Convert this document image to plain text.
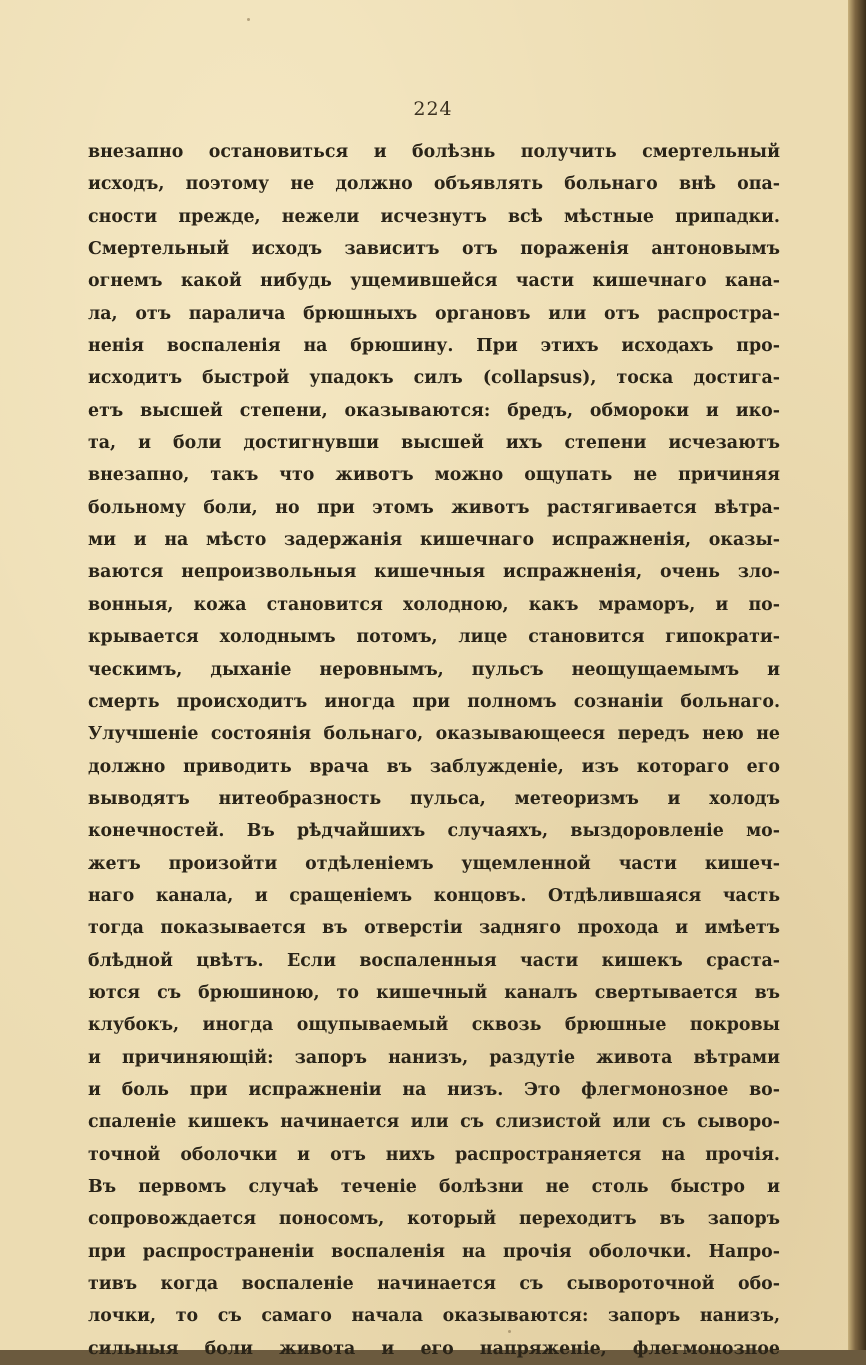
224
внезапно остановиться и болѣзнь получить смертельный
исходъ, поэтому не должно объявлять больнаго внѣ опа-
сности прежде, нежели исчезнутъ всѣ мѣстные припадки.
Смертельный исходъ зависитъ отъ пораженія антоновымъ
огнемъ какой нибудь ущемившейся части кишечнаго кана-
ла, отъ паралича брюшныхъ органовъ или отъ распростра-
ненія воспаленія на брюшину. При этихъ исходахъ про-
исходитъ быстрой упадокъ силъ (collapsus), тоска достига-
етъ высшей степени, оказываются: бредъ, обмороки и ико-
та, и боли достигнувши высшей ихъ степени исчезаютъ
внезапно, такъ что животъ можно ощупать не причиняя
больному боли, но при этомъ животъ растягивается вѣтра-
ми и на мѣсто задержанія кишечнаго испражненія, оказы-
ваются непроизвольныя кишечныя испражненія, очень зло-
вонныя, кожа становится холодною, какъ мраморъ, и по-
крывается холоднымъ потомъ, лице становится гипократи-
ческимъ, дыханіе неровнымъ, пульсъ неощущаемымъ и
смерть происходитъ иногда при полномъ сознаніи больнаго.
Улучшеніе состоянія больнаго, оказывающееся передъ нею не
должно приводить врача въ заблужденіе, изъ котораго его
выводятъ нитеобразность пульса, метеоризмъ и холодъ
конечностей. Въ рѣдчайшихъ случаяхъ, выздоровленіе мо-
жетъ произойти отдѣленіемъ ущемленной части кишеч-
наго канала, и сращеніемъ концовъ. Отдѣлившаяся часть
тогда показывается въ отверстіи задняго прохода и имѣетъ
блѣдной цвѣтъ. Если воспаленныя части кишекъ сраста-
ются съ брюшиною, то кишечный каналъ свертывается въ
клубокъ, иногда ощупываемый сквозь брюшные покровы
и причиняющій: запоръ нанизъ, раздутіе живота вѣтрами
и боль при испражненіи на низъ. Это флегмонозное во-
спаленіе кишекъ начинается или съ слизистой или съ сыворо-
точной оболочки и отъ нихъ распространяется на прочія.
Въ первомъ случаѣ теченіе болѣзни не столь быстро и
сопровождается поносомъ, который переходитъ въ запоръ
при распространеніи воспаленія на прочія оболочки. Напро-
тивъ когда воспаленіе начинается съ сывороточной обо-
лочки, то съ самаго начала оказываются: запоръ нанизъ,
сильныя боли живота и его напряженіе, флегмонозное
